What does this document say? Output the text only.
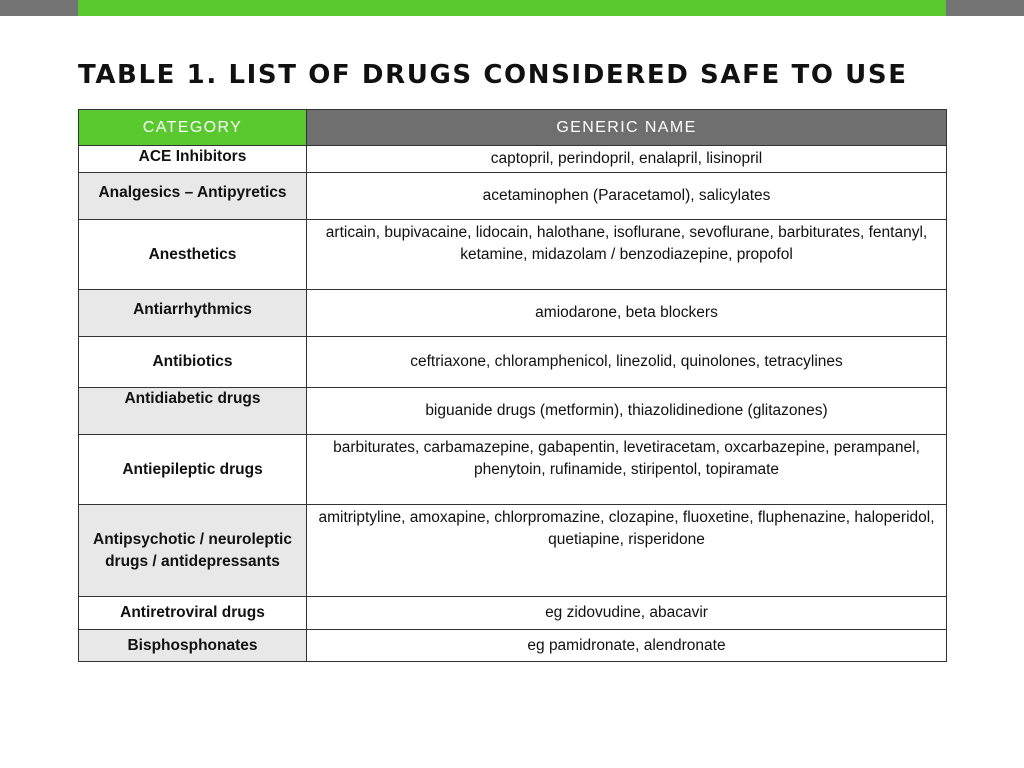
TABLE 1. LIST OF DRUGS CONSIDERED SAFE TO USE
CATEGORY	GENERIC NAME
ACE Inhibitors	captopril, perindopril, enalapril, lisinopril
Analgesics – Antipyretics	acetaminophen (Paracetamol), salicylates
Anesthetics	articain, bupivacaine, lidocain, halothane, isoflurane, sevoflurane, barbiturates, fentanyl, ketamine, midazolam / benzodiazepine, propofol
Antiarrhythmics	amiodarone, beta blockers
Antibiotics	ceftriaxone, chloramphenicol, linezolid, quinolones, tetracylines
Antidiabetic drugs	biguanide drugs (metformin), thiazolidinedione (glitazones)
Antiepileptic drugs	barbiturates, carbamazepine, gabapentin, levetiracetam, oxcarbazepine, perampanel, phenytoin, rufinamide, stiripentol, topiramate
Antipsychotic / neuroleptic drugs / antidepressants	amitriptyline, amoxapine, chlorpromazine, clozapine, fluoxetine, fluphenazine, haloperidol, quetiapine, risperidone
Antiretroviral drugs	eg zidovudine, abacavir
Bisphosphonates	eg pamidronate, alendronate
